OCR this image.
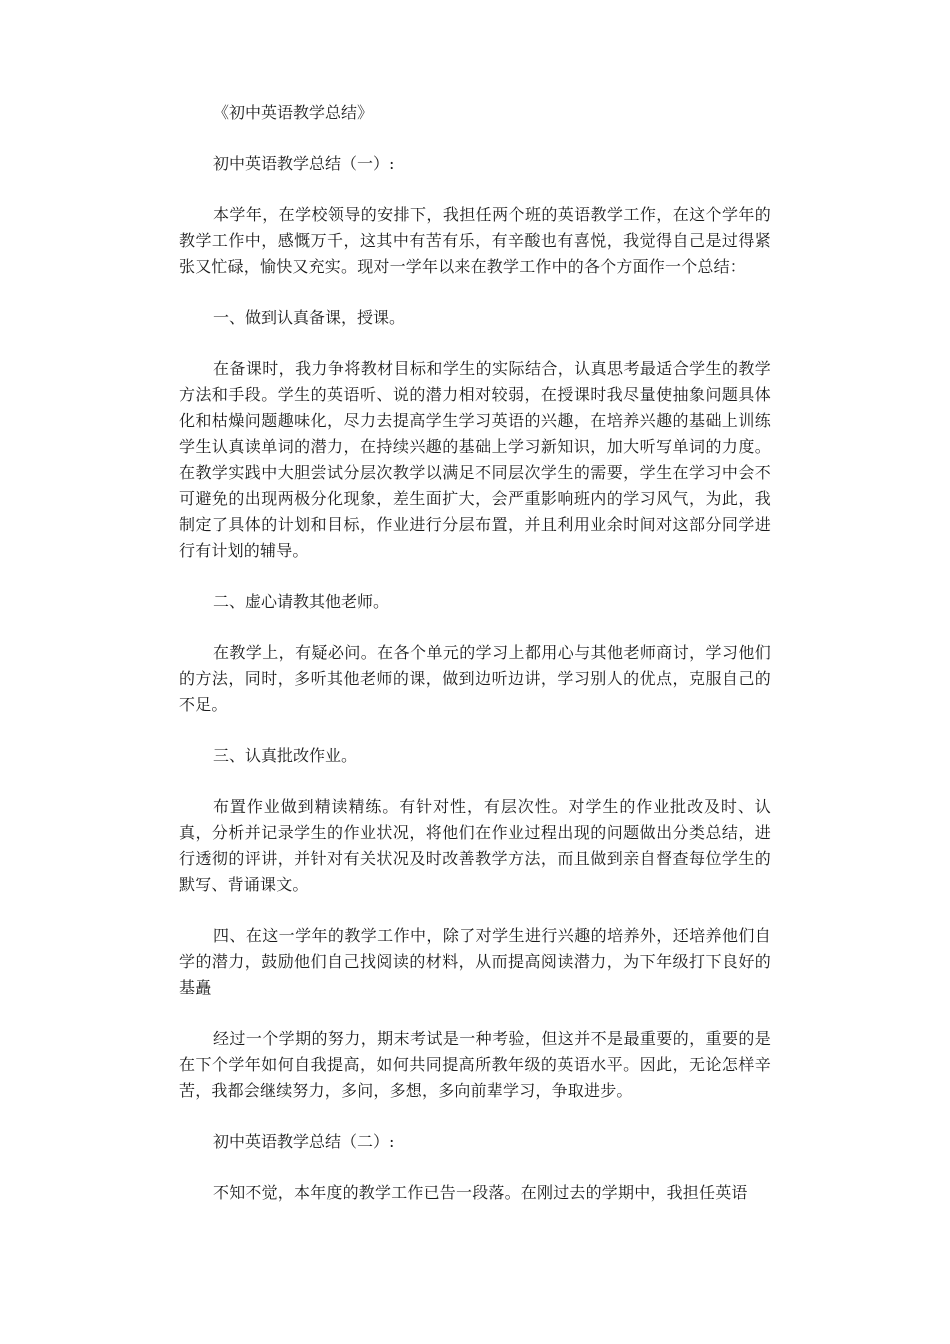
《初中英语教学总结》

初中英语教学总结（一）:

本学年，在学校领导的安排下，我担任两个班的英语教学工作，在这个学年的教学工作中，感慨万千，这其中有苦有乐，有辛酸也有喜悦，我觉得自己是过得紧张又忙碌，愉快又充实。现对一学年以来在教学工作中的各个方面作一个总结：

一、做到认真备课，授课。

在备课时，我力争将教材目标和学生的实际结合，认真思考最适合学生的教学方法和手段。学生的英语听、说的潜力相对较弱，在授课时我尽量使抽象问题具体化和枯燥问题趣味化，尽力去提高学生学习英语的兴趣，在培养兴趣的基础上训练学生认真读单词的潜力，在持续兴趣的基础上学习新知识，加大听写单词的力度。在教学实践中大胆尝试分层次教学以满足不同层次学生的需要，学生在学习中会不可避免的出现两极分化现象，差生面扩大，会严重影响班内的学习风气，为此，我制定了具体的计划和目标，作业进行分层布置，并且利用业余时间对这部分同学进行有计划的辅导。

二、虚心请教其他老师。

在教学上，有疑必问。在各个单元的学习上都用心与其他老师商讨，学习他们的方法，同时，多听其他老师的课，做到边听边讲，学习别人的优点，克服自己的不足。

三、认真批改作业。

布置作业做到精读精练。有针对性，有层次性。对学生的作业批改及时、认真，分析并记录学生的作业状况，将他们在作业过程出现的问题做出分类总结，进行透彻的评讲，并针对有关状况及时改善教学方法，而且做到亲自督查每位学生的默写、背诵课文。

四、在这一学年的教学工作中，除了对学生进行兴趣的培养外，还培养他们自学的潜力，鼓励他们自己找阅读的材料，从而提高阅读潜力，为下年级打下良好的基矗

经过一个学期的努力，期末考试是一种考验，但这并不是最重要的，重要的是在下个学年如何自我提高，如何共同提高所教年级的英语水平。因此，无论怎样辛苦，我都会继续努力，多问，多想，多向前辈学习，争取进步。

初中英语教学总结（二）:

不知不觉，本年度的教学工作已告一段落。在刚过去的学期中，我担任英语
